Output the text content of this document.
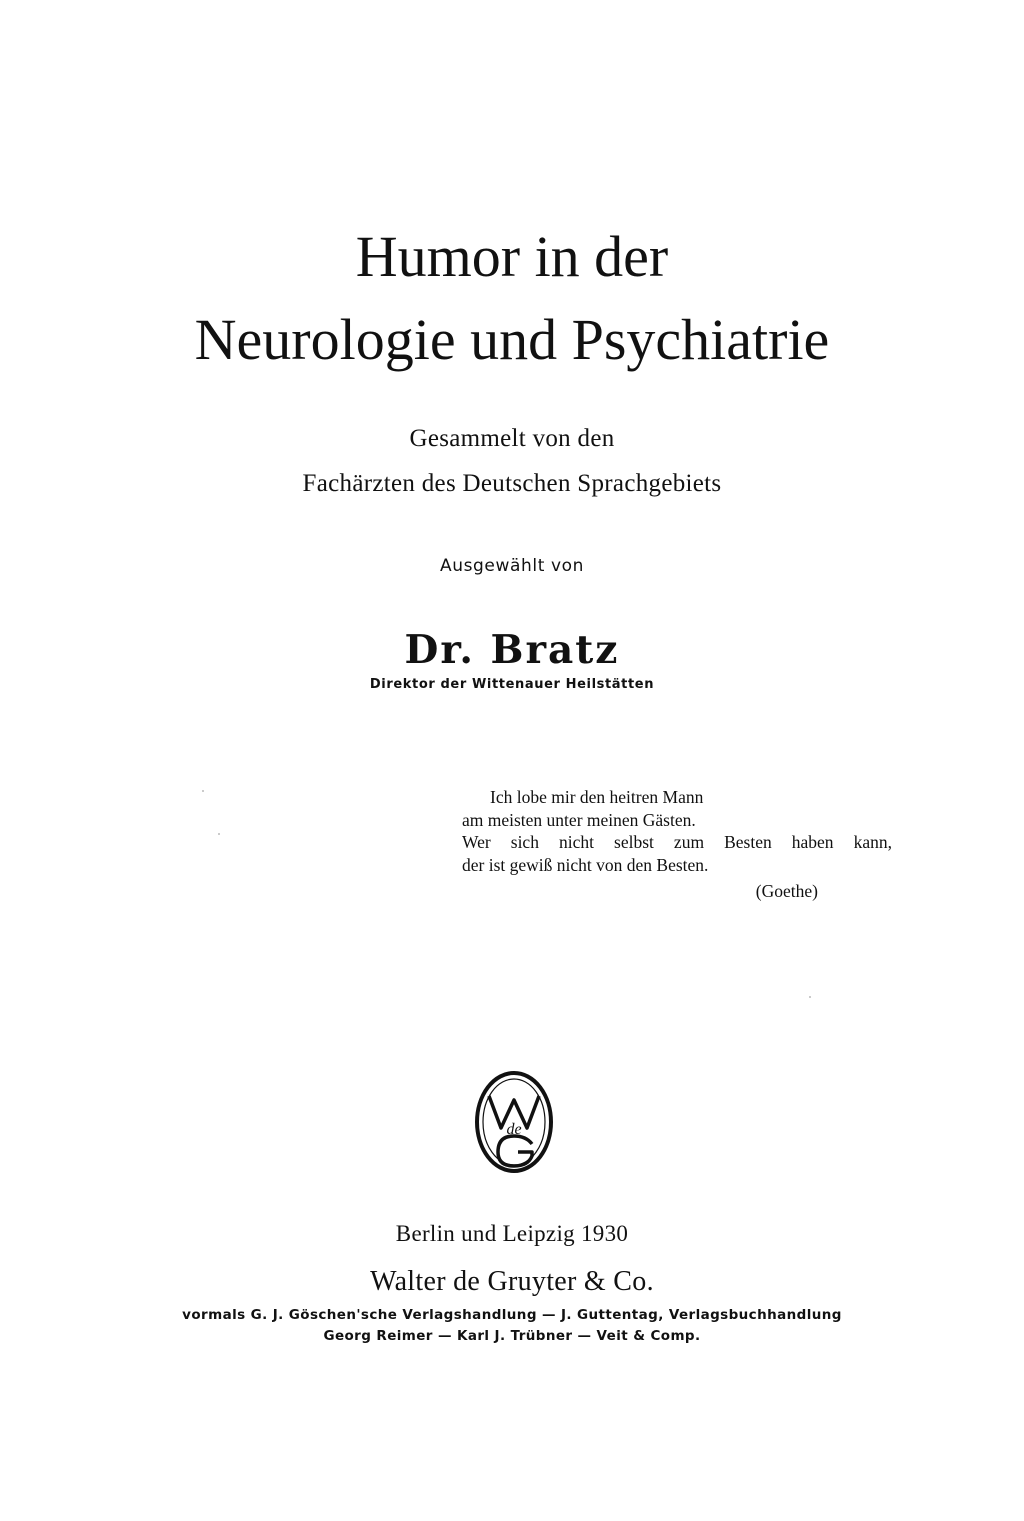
Humor in der
Neurologie und Psychiatrie
Gesammelt von den
Fachärzten des Deutschen Sprachgebiets
Ausgewählt von
Dr. Bratz
Direktor der Wittenauer Heilstätten
Ich lobe mir den heitren Mann
am meisten unter meinen Gästen.
Wer sich nicht selbst zum Besten haben kann,
der ist gewiß nicht von den Besten.
(Goethe)
de
Berlin und Leipzig 1930
Walter de Gruyter & Co.
vormals G. J. Göschen'sche Verlagshandlung — J. Guttentag, Verlagsbuchhandlung
Georg Reimer — Karl J. Trübner — Veit & Comp.
